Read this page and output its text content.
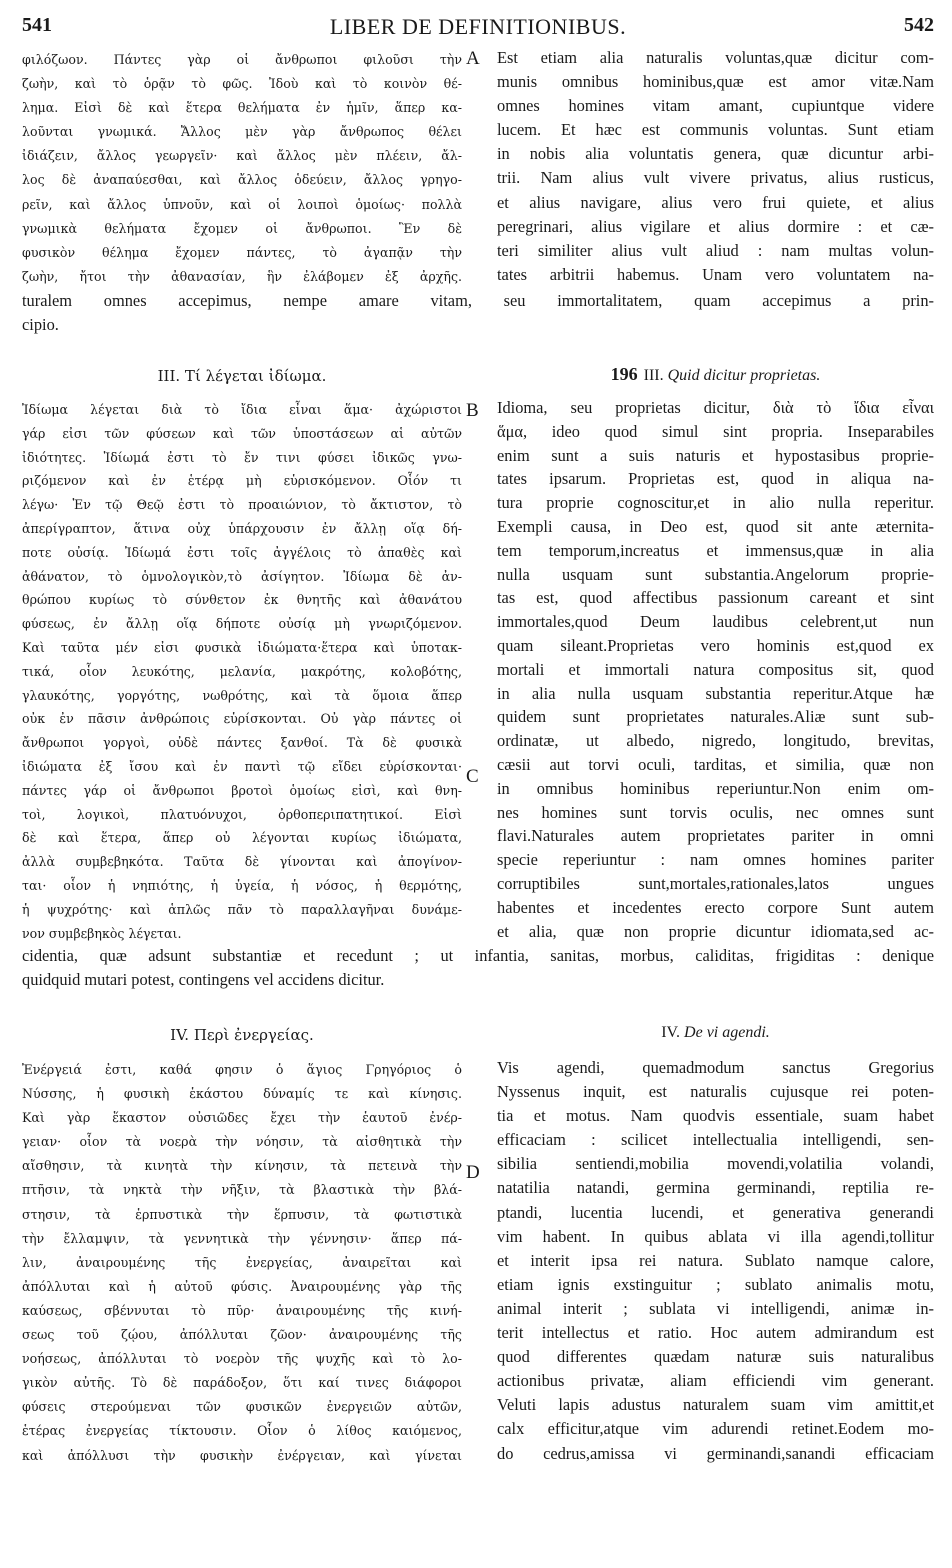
541	LIBER DE DEFINITIONIBUS.	542
A
B
C
D
φιλόζωον. Πάντες γὰρ οἱ ἄνθρωποι φιλοῦσι τὴν
ζωὴν, καὶ τὸ ὁρᾷν τὸ φῶς. Ἰδοὺ καὶ τὸ κοινὸν θέ-
λημα. Εἰσὶ δὲ καὶ ἕτερα θελήματα ἐν ἡμῖν, ἅπερ κα-
λοῦνται γνωμικά. Ἄλλος μὲν γὰρ ἄνθρωπος θέλει
ἰδιάζειν, ἄλλος γεωργεῖν· καὶ ἄλλος μὲν πλέειν, ἄλ-
λος δὲ ἀναπαύεσθαι, καὶ ἄλλος ὁδεύειν, ἄλλος γρηγο-
ρεῖν, καὶ ἄλλος ὑπνοῦν, καὶ οἱ λοιποὶ ὁμοίως· πολλὰ
γνωμικὰ θελήματα ἔχομεν οἱ ἄνθρωποι. Ἓν δὲ
φυσικὸν θέλημα ἔχομεν πάντες, τὸ ἀγαπᾷν τὴν
ζωὴν, ἤτοι τὴν ἀθανασίαν, ἣν ἐλάβομεν ἐξ ἀρχῆς.
Est etiam alia naturalis voluntas,quæ dicitur com-
munis omnibus hominibus,quæ est amor vitæ.Nam
omnes homines vitam amant, cupiuntque videre
lucem. Et hæc est communis voluntas. Sunt etiam
in nobis alia voluntatis genera, quæ dicuntur arbi-
trii. Nam alius vult vivere privatus, alius rusticus,
et alius navigare, alius vero frui quiete, et alius
peregrinari, alius vigilare et alius dormire : et cæ-
teri similiter alius vult aliud : nam multas volun-
tates arbitrii habemus. Unam vero voluntatem na-
turalem omnes accepimus, nempe amare vitam, seu immortalitatem, quam accepimus a prin-
cipio.
III. Τί λέγεται ἰδίωμα.	196 III. Quid dicitur proprietas.
Ἰδίωμα λέγεται διὰ τὸ ἴδια εἶναι ἅμα· ἀχώριστοι
γάρ εἰσι τῶν φύσεων καὶ τῶν ὑποστάσεων αἱ αὐτῶν
ἰδιότητες. Ἰδίωμά ἐστι τὸ ἔν τινι φύσει ἰδικῶς γνω-
ριζόμενον καὶ ἐν ἑτέρᾳ μὴ εὑρισκόμενον. Οἷόν τι
λέγω· Ἐν τῷ Θεῷ ἐστι τὸ προαιώνιον, τὸ ἄκτιστον, τὸ
ἀπερίγραπτον, ἅτινα οὐχ ὑπάρχουσιν ἐν ἄλλῃ οἵᾳ δή-
ποτε οὐσίᾳ. Ἰδίωμά ἐστι τοῖς ἀγγέλοις τὸ ἀπαθὲς καὶ
ἀθάνατον, τὸ ὁμνολογικὸν,τὸ ἀσίγητον. Ἰδίωμα δὲ ἀν-
θρώπου κυρίως τὸ σύνθετον ἐκ θνητῆς καὶ ἀθανάτου
φύσεως, ἐν ἄλλῃ οἵᾳ δήποτε οὐσίᾳ μὴ γνωριζόμενον.
Καὶ ταῦτα μέν εἰσι φυσικὰ ἰδιώματα·ἕτερα καὶ ὑποτακ-
τικά, οἷον λευκότης, μελανία, μακρότης, κολοβότης,
γλαυκότης, γοργότης, νωθρότης, καὶ τὰ ὅμοια ἅπερ
οὐκ ἐν πᾶσιν ἀνθρώποις εὑρίσκονται. Οὐ γὰρ πάντες οἱ
ἄνθρωποι γοργοὶ, οὐδὲ πάντες ξανθοί. Τὰ δὲ φυσικὰ
ἰδιώματα ἐξ ἴσου καὶ ἐν παντὶ τῷ εἴδει εὑρίσκονται·
πάντες γάρ οἱ ἄνθρωποι βροτοὶ ὁμοίως εἰσὶ, καὶ θνη-
τοὶ, λογικοὶ, πλατυόνυχοι, ὀρθοπεριπατητικοί. Εἰσὶ
δὲ καὶ ἕτερα, ἅπερ οὐ λέγονται κυρίως ἰδιώματα,
ἀλλὰ συμβεβηκότα. Ταῦτα δὲ γίνονται καὶ ἀπογίνον-
ται· οἷον ἡ νηπιότης, ἡ ὑγεία, ἡ νόσος, ἡ θερμότης,
ἡ ψυχρότης· καὶ ἁπλῶς πᾶν τὸ παραλλαγῆναι δυνάμε-
νον συμβεβηκὸς λέγεται.
Idioma, seu proprietas dicitur, διὰ τὸ ἴδια εἶναι
ἅμα, ideo quod simul sint propria. Inseparabiles
enim sunt a suis naturis et hypostasibus proprie-
tates ipsarum. Proprietas est, quod in aliqua na-
tura proprie cognoscitur,et in alio nulla reperitur.
Exempli causa, in Deo est, quod sit ante æternita-
tem temporum,increatus et immensus,quæ in alia
nulla usquam sunt substantia.Angelorum proprie-
tas est, quod affectibus passionum careant et sint
immortales,quod Deum laudibus celebrent,ut nun
quam sileant.Proprietas vero hominis est,quod ex
mortali et immortali natura compositus sit, quod
in alia nulla usquam substantia reperitur.Atque hæ
quidem sunt proprietates naturales.Aliæ sunt sub-
ordinatæ, ut albedo, nigredo, longitudo, brevitas,
cæsii aut torvi oculi, tarditas, et similia, quæ non
in omnibus hominibus reperiuntur.Non enim om-
nes homines sunt torvis oculis, nec omnes sunt
flavi.Naturales autem proprietates pariter in omni
specie reperiuntur : nam omnes homines pariter
corruptibiles sunt,mortales,rationales,latos ungues
habentes et incedentes erecto corpore Sunt autem
et alia, quæ non proprie dicuntur idiomata,sed ac-
cidentia, quæ adsunt substantiæ et recedunt ; ut infantia, sanitas, morbus, caliditas, frigiditas : denique
quidquid mutari potest, contingens vel accidens dicitur.
IV. Περὶ ἐνεργείας.	IV. De vi agendi.
Ἐνέργειά ἐστι, καθά φησιν ὁ ἅγιος Γρηγόριος ὁ
Νύσσης, ἡ φυσικὴ ἑκάστου δύναμίς τε καὶ κίνησις.
Καὶ γὰρ ἕκαστον οὐσιῶδες ἔχει τὴν ἑαυτοῦ ἐνέρ-
γειαν· οἷον τὰ νοερὰ τὴν νόησιν, τὰ αἰσθητικὰ τὴν
αἴσθησιν, τὰ κινητὰ τὴν κίνησιν, τὰ πετεινὰ τὴν
πτῆσιν, τὰ νηκτὰ τὴν νῆξιν, τὰ βλαστικὰ τὴν βλά-
στησιν, τὰ ἑρπυστικὰ τὴν ἕρπυσιν, τὰ φωτιστικὰ
τὴν ἔλλαμψιν, τὰ γεννητικὰ τὴν γέννησιν· ἅπερ πά-
λιν, ἀναιρουμένης τῆς ἐνεργείας, ἀναιρεῖται καὶ
ἀπόλλυται καὶ ἡ αὐτοῦ φύσις. Ἀναιρουμένης γὰρ τῆς
καύσεως, σβέννυται τὸ πῦρ· ἀναιρουμένης τῆς κινή-
σεως τοῦ ζῴου, ἀπόλλυται ζῶον· ἀναιρουμένης τῆς
νοήσεως, ἀπόλλυται τὸ νοερὸν τῆς ψυχῆς καὶ τὸ λο-
γικὸν αὐτῆς. Τὸ δὲ παράδοξον, ὅτι καί τινες διάφοροι
φύσεις στερούμεναι τῶν φυσικῶν ἐνεργειῶν αὐτῶν,
ἑτέρας ἐνεργείας τίκτουσιν. Οἷον ὁ λίθος καιόμενος,
καὶ ἀπόλλυσι τὴν φυσικὴν ἐνέργειαν, καὶ γίνεται
Vis agendi, quemadmodum sanctus Gregorius
Nyssenus inquit, est naturalis cujusque rei poten-
tia et motus. Nam quodvis essentiale, suam habet
efficaciam : scilicet intellectualia intelligendi, sen-
sibilia sentiendi,mobilia movendi,volatilia volandi,
natatilia natandi, germina germinandi, reptilia re-
ptandi, lucentia lucendi, et generativa generandi
vim habent. In quibus ablata vi illa agendi,tollitur
et interit ipsa rei natura. Sublato namque calore,
etiam ignis exstinguitur ; sublato animalis motu,
animal interit ; sublata vi intelligendi, animæ in-
terit intellectus et ratio. Hoc autem admirandum est
quod differentes quædam naturæ suis naturalibus
actionibus privatæ, aliam efficiendi vim generant.
Veluti lapis adustus naturalem suam vim amittit,et
calx efficitur,atque vim adurendi retinet.Eodem mo-
do cedrus,amissa vi germinandi,sanandi efficaciam
